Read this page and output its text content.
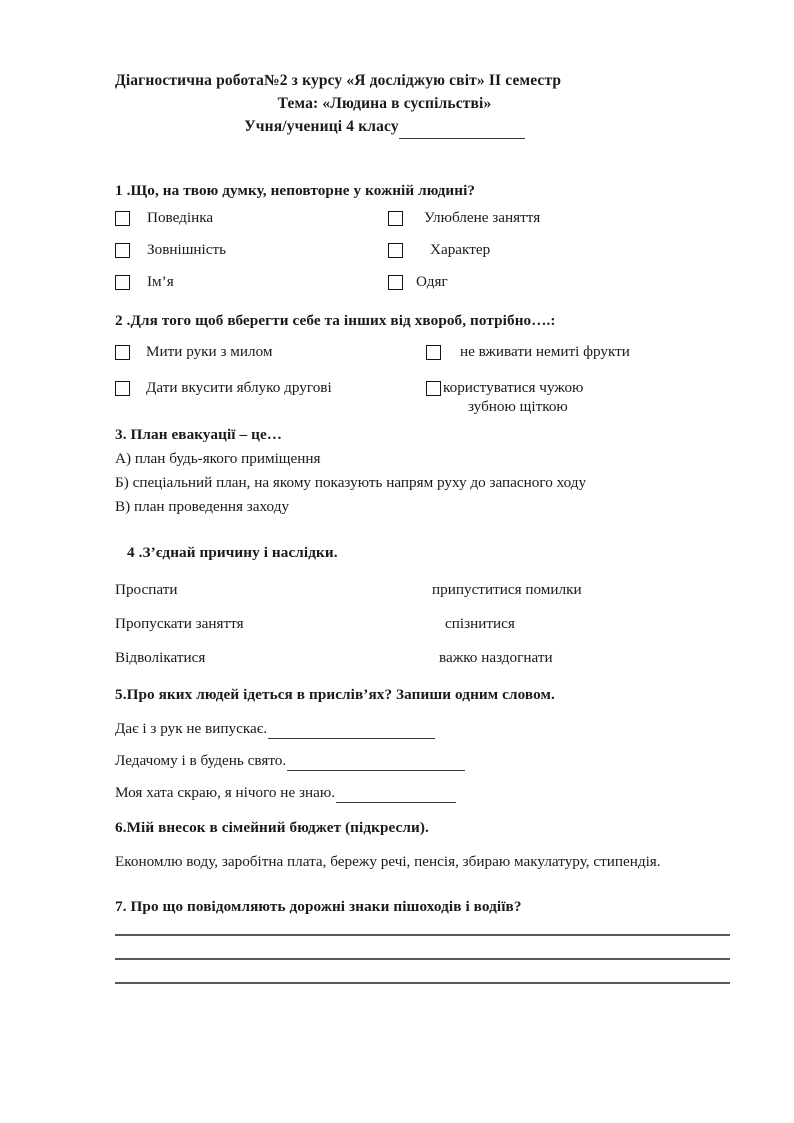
Діагностична робота№2 з курсу «Я досліджую світ» ІІ семестр
Тема: «Людина в суспільстві»
Учня/учениці 4 класу
1 .Що, на твою думку, неповторне у кожній людині?
Поведінка	Улюблене заняття
Зовнішність	Характер
Ім’я	Одяг
2 .Для того щоб вберегти себе та інших від хвороб, потрібно….:
Мити руки з милом	не вживати немиті фрукти
Дати вкусити яблуко другові	користуватися чужою
зубною щіткою
3. План евакуації – це…
А) план будь-якого приміщення
Б) спеціальний план, на якому показують напрям руху до запасного ходу
В) план проведення заходу
4 .З’єднай причину і наслідки.
Проспати	припуститися помилки
Пропускати заняття	спізнитися
Відволікатися	важко наздогнати
5.Про яких людей ідеться в прислів’ях? Запиши одним словом.
Дає і з рук не випускає.
Ледачому і в будень свято.
Моя хата скраю, я нічого не знаю.
6.Мій внесок в сімейний бюджет (підкресли).
Економлю воду, заробітна плата, бережу речі, пенсія, збираю макулатуру, стипендія.
7. Про що повідомляють дорожні знаки пішоходів і водіїв?
